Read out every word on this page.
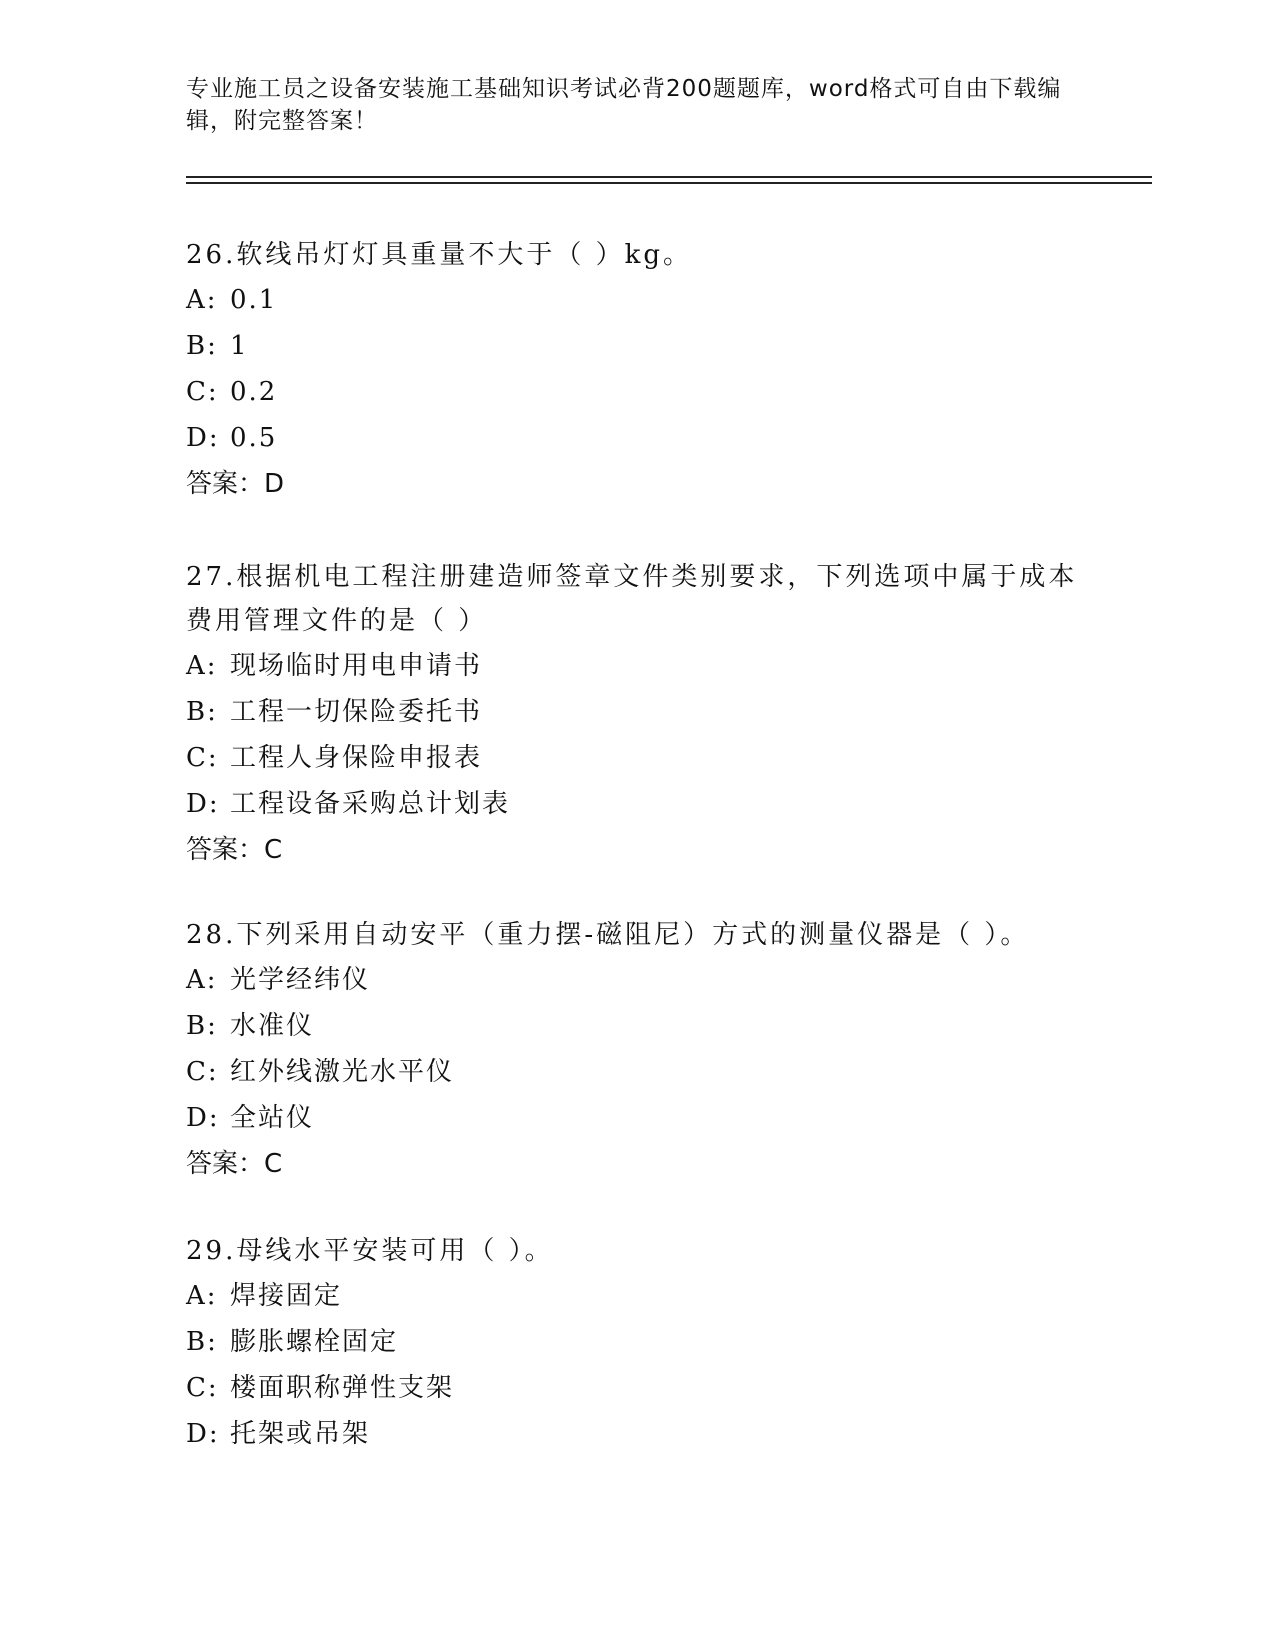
专业施工员之设备安装施工基础知识考试必背200题题库，word格式可自由下载编辑，附完整答案！

26.软线吊灯灯具重量不大于（ ）kg。

A: 0.1

B: 1

C: 0.2

D: 0.5

答案：D

27.根据机电工程注册建造师签章文件类别要求，下列选项中属于成本费用管理文件的是（ ）

A: 现场临时用电申请书

B: 工程一切保险委托书

C: 工程人身保险申报表

D: 工程设备采购总计划表

答案：C

28.下列采用自动安平（重力摆-磁阻尼）方式的测量仪器是（ ）。

A: 光学经纬仪

B: 水准仪

C: 红外线激光水平仪

D: 全站仪

答案：C

29.母线水平安装可用（ ）。

A: 焊接固定

B: 膨胀螺栓固定

C: 楼面职称弹性支架

D: 托架或吊架
